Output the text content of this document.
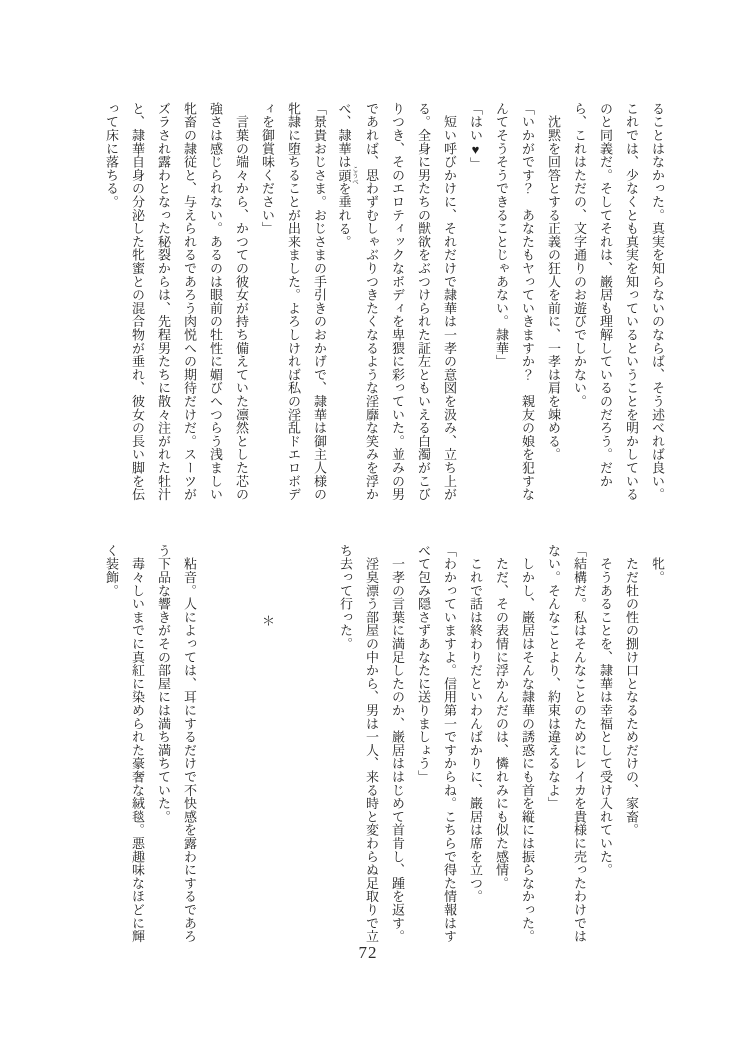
ることはなかった。真実を知らないのならば、そう述べれば良い。
これでは、少なくとも真実を知っているということを明かしている
のと同義だ。そしてそれは、巌居も理解しているのだろう。だか
ら、これはただの、文字通りのお遊びでしかない。
　沈黙を回答とする正義の狂人を前に、一孝は肩を竦める。
「いかがです？　あなたもヤっていきますか？　親友の娘を犯すな
んてそうそうできることじゃあない。隷華」
「はい♥」
　短い呼びかけに、それだけで隷華は一孝の意図を汲み、立ち上が
る。全身に男たちの獣欲をぶつけられた証左ともいえる白濁がこび
りつき、そのエロティックなボディを卑猥に彩っていた。並みの男
であれば、思わずむしゃぶりつきたくなるような淫靡な笑みを浮か
べ、隷華は頭 こうべを垂れる。
「景貴おじさま。おじさまの手引きのおかげで、隷華は御主人様の
牝隷に堕ちることが出来ました。よろしければ私の淫乱ドエロボデ
ィを御賞味ください」
　言葉の端々から、かつての彼女が持ち備えていた凛然とした芯の
強さは感じられない。あるのは眼前の牡性に媚びへつらう浅ましい
牝畜の隷従と、与えられるであろう肉悦への期待だけだ。スーツが
ズラされ露わとなった秘裂からは、先程男たちに散々注がれた牡汁
と、隷華自身の分泌した牝蜜との混合物が垂れ、彼女の長い脚を伝
って床に落ちる。
　牝。
　ただ牡の性の捌け口となるためだけの、家畜。
　そうあることを、隷華は幸福として受け入れていた。
「結構だ。私はそんなことのためにレイカを貴様に売ったわけでは
ない。そんなことより、約束は違えるなよ」
　しかし、巌居はそんな隷華の誘惑にも首を縦には振らなかった。
　ただ、その表情に浮かんだのは、憐れみにも似た感情。
　これで話は終わりだといわんばかりに、巌居は席を立つ。
「わかっていますよ。信用第一ですからね。こちらで得た情報はす
べて包み隠さずあなたに送りましょう」
　一孝の言葉に満足したのか、巌居ははじめて首肯し、踵を返す。
　淫臭漂う部屋の中から、男は一人、来る時と変わらぬ足取りで立
ち去って行った。
＊
　粘音。人によっては、耳にするだけで不快感を露わにするであろ
う下品な響きがその部屋には満ち満ちていた。
　毒々しいまでに真紅に染められた豪奢な絨毯。悪趣味なほどに輝
く装飾。
72
